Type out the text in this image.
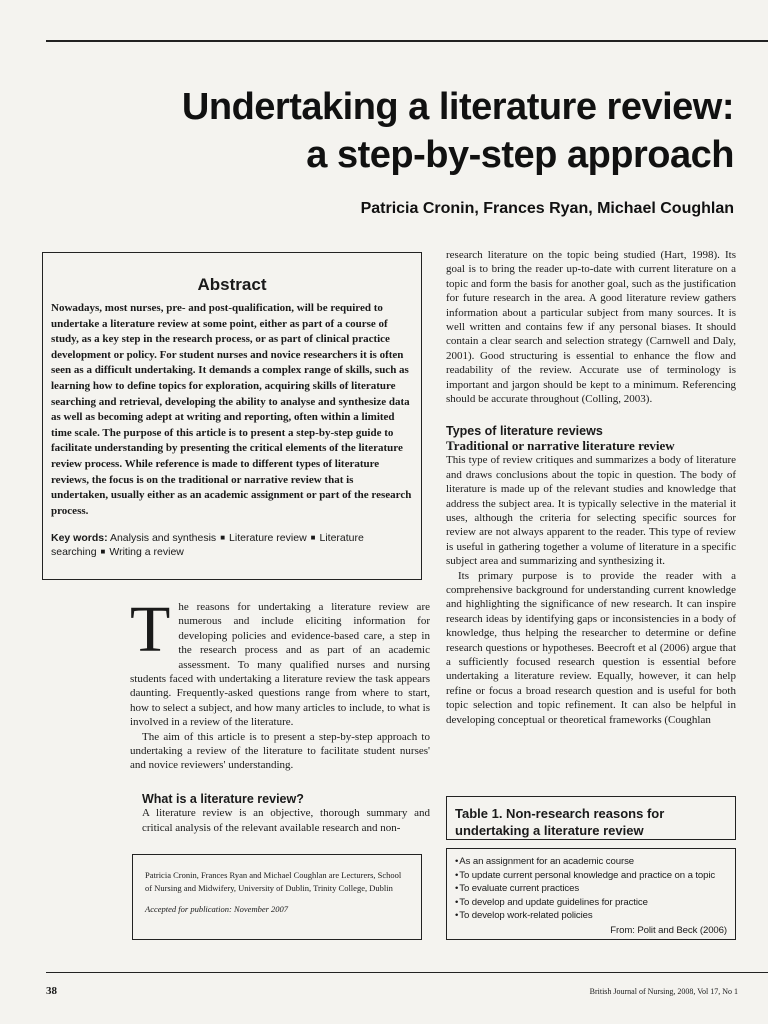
Undertaking a literature review:
a step-by-step approach

Patricia Cronin, Frances Ryan, Michael Coughlan

Abstract

Nowadays, most nurses, pre- and post-qualification, will be required to undertake a literature review at some point, either as part of a course of study, as a key step in the research process, or as part of clinical practice development or policy. For student nurses and novice researchers it is often seen as a difficult undertaking. It demands a complex range of skills, such as learning how to define topics for exploration, acquiring skills of literature searching and retrieval, developing the ability to analyse and synthesize data as well as becoming adept at writing and reporting, often within a limited time scale. The purpose of this article is to present a step-by-step guide to facilitate understanding by presenting the critical elements of the literature review process. While reference is made to different types of literature reviews, the focus is on the traditional or narrative review that is undertaken, usually either as an academic assignment or part of the research process.

Key words: Analysis and synthesis ■ Literature review ■ Literature searching ■ Writing a review

The reasons for undertaking a literature review are numerous and include eliciting information for developing policies and evidence-based care, a step in the research process and as part of an academic assessment. To many qualified nurses and nursing students faced with undertaking a literature review the task appears daunting. Frequently-asked questions range from where to start, how to select a subject, and how many articles to include, to what is involved in a review of the literature.

The aim of this article is to present a step-by-step approach to undertaking a review of the literature to facilitate student nurses' and novice reviewers' understanding.

What is a literature review?

A literature review is an objective, thorough summary and critical analysis of the relevant available research and non-

research literature on the topic being studied (Hart, 1998). Its goal is to bring the reader up-to-date with current literature on a topic and form the basis for another goal, such as the justification for future research in the area. A good literature review gathers information about a particular subject from many sources. It is well written and contains few if any personal biases. It should contain a clear search and selection strategy (Carnwell and Daly, 2001). Good structuring is essential to enhance the flow and readability of the review. Accurate use of terminology is important and jargon should be kept to a minimum. Referencing should be accurate throughout (Colling, 2003).

Types of literature reviews

Traditional or narrative literature review

This type of review critiques and summarizes a body of literature and draws conclusions about the topic in question. The body of literature is made up of the relevant studies and knowledge that address the subject area. It is typically selective in the material it uses, although the criteria for selecting specific sources for review are not always apparent to the reader. This type of review is useful in gathering together a volume of literature in a specific subject area and summarizing and synthesizing it.

Its primary purpose is to provide the reader with a comprehensive background for understanding current knowledge and highlighting the significance of new research. It can inspire research ideas by identifying gaps or inconsistencies in a body of knowledge, thus helping the researcher to determine or define research questions or hypotheses. Beecroft et al (2006) argue that a sufficiently focused research question is essential before undertaking a literature review. Equally, however, it can help refine or focus a broad research question and is useful for both topic selection and topic refinement. It can also be helpful in developing conceptual or theoretical frameworks (Coughlan

Table 1. Non-research reasons for undertaking a literature review
• As an assignment for an academic course
• To update current personal knowledge and practice on a topic
• To evaluate current practices
• To develop and update guidelines for practice
• To develop work-related policies

From: Polit and Beck (2006)

Patricia Cronin, Frances Ryan and Michael Coughlan are Lecturers, School of Nursing and Midwifery, University of Dublin, Trinity College, Dublin

Accepted for publication: November 2007

38	British Journal of Nursing, 2008, Vol 17, No 1
